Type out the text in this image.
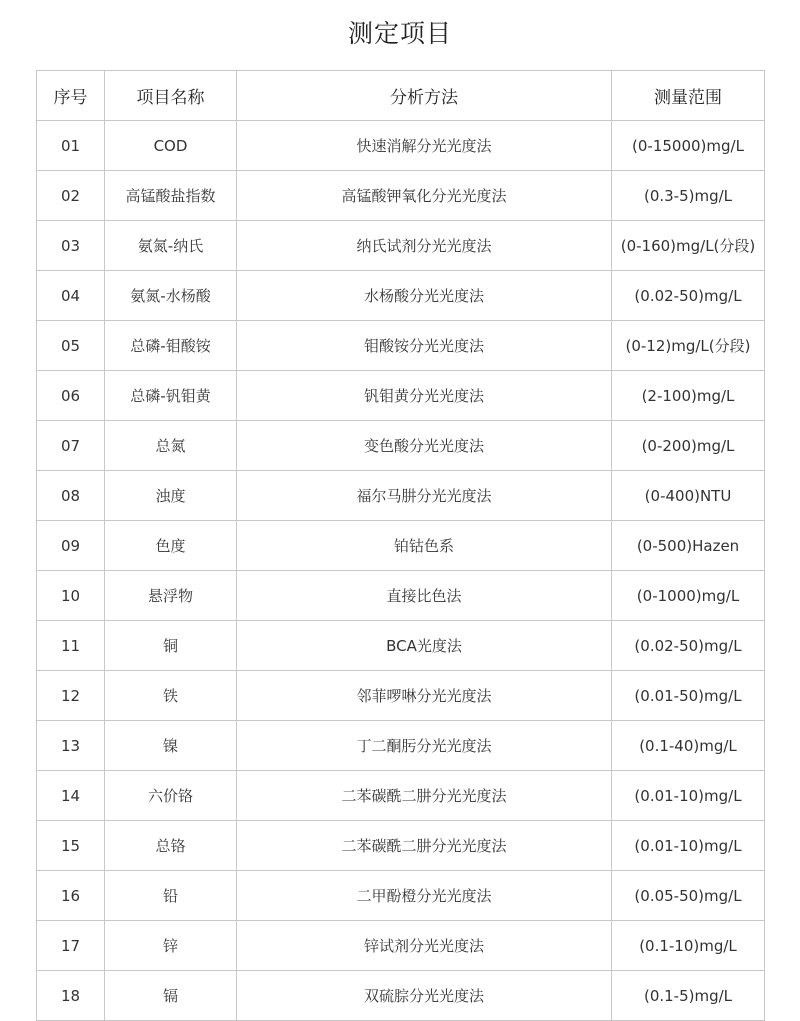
测定项目
序号	项目名称	分析方法	测量范围
01	COD	快速消解分光光度法	(0-15000)mg/L
02	高锰酸盐指数	高锰酸钾氧化分光光度法	(0.3-5)mg/L
03	氨氮-纳氏	纳氏试剂分光光度法	(0-160)mg/L(分段)
04	氨氮-水杨酸	水杨酸分光光度法	(0.02-50)mg/L
05	总磷-钼酸铵	钼酸铵分光光度法	(0-12)mg/L(分段)
06	总磷-钒钼黄	钒钼黄分光光度法	(2-100)mg/L
07	总氮	变色酸分光光度法	(0-200)mg/L
08	浊度	福尔马肼分光光度法	(0-400)NTU
09	色度	铂钴色系	(0-500)Hazen
10	悬浮物	直接比色法	(0-1000)mg/L
11	铜	BCA光度法	(0.02-50)mg/L
12	铁	邻菲啰啉分光光度法	(0.01-50)mg/L
13	镍	丁二酮肟分光光度法	(0.1-40)mg/L
14	六价铬	二苯碳酰二肼分光光度法	(0.01-10)mg/L
15	总铬	二苯碳酰二肼分光光度法	(0.01-10)mg/L
16	铅	二甲酚橙分光光度法	(0.05-50)mg/L
17	锌	锌试剂分光光度法	(0.1-10)mg/L
18	镉	双硫腙分光光度法	(0.1-5)mg/L
